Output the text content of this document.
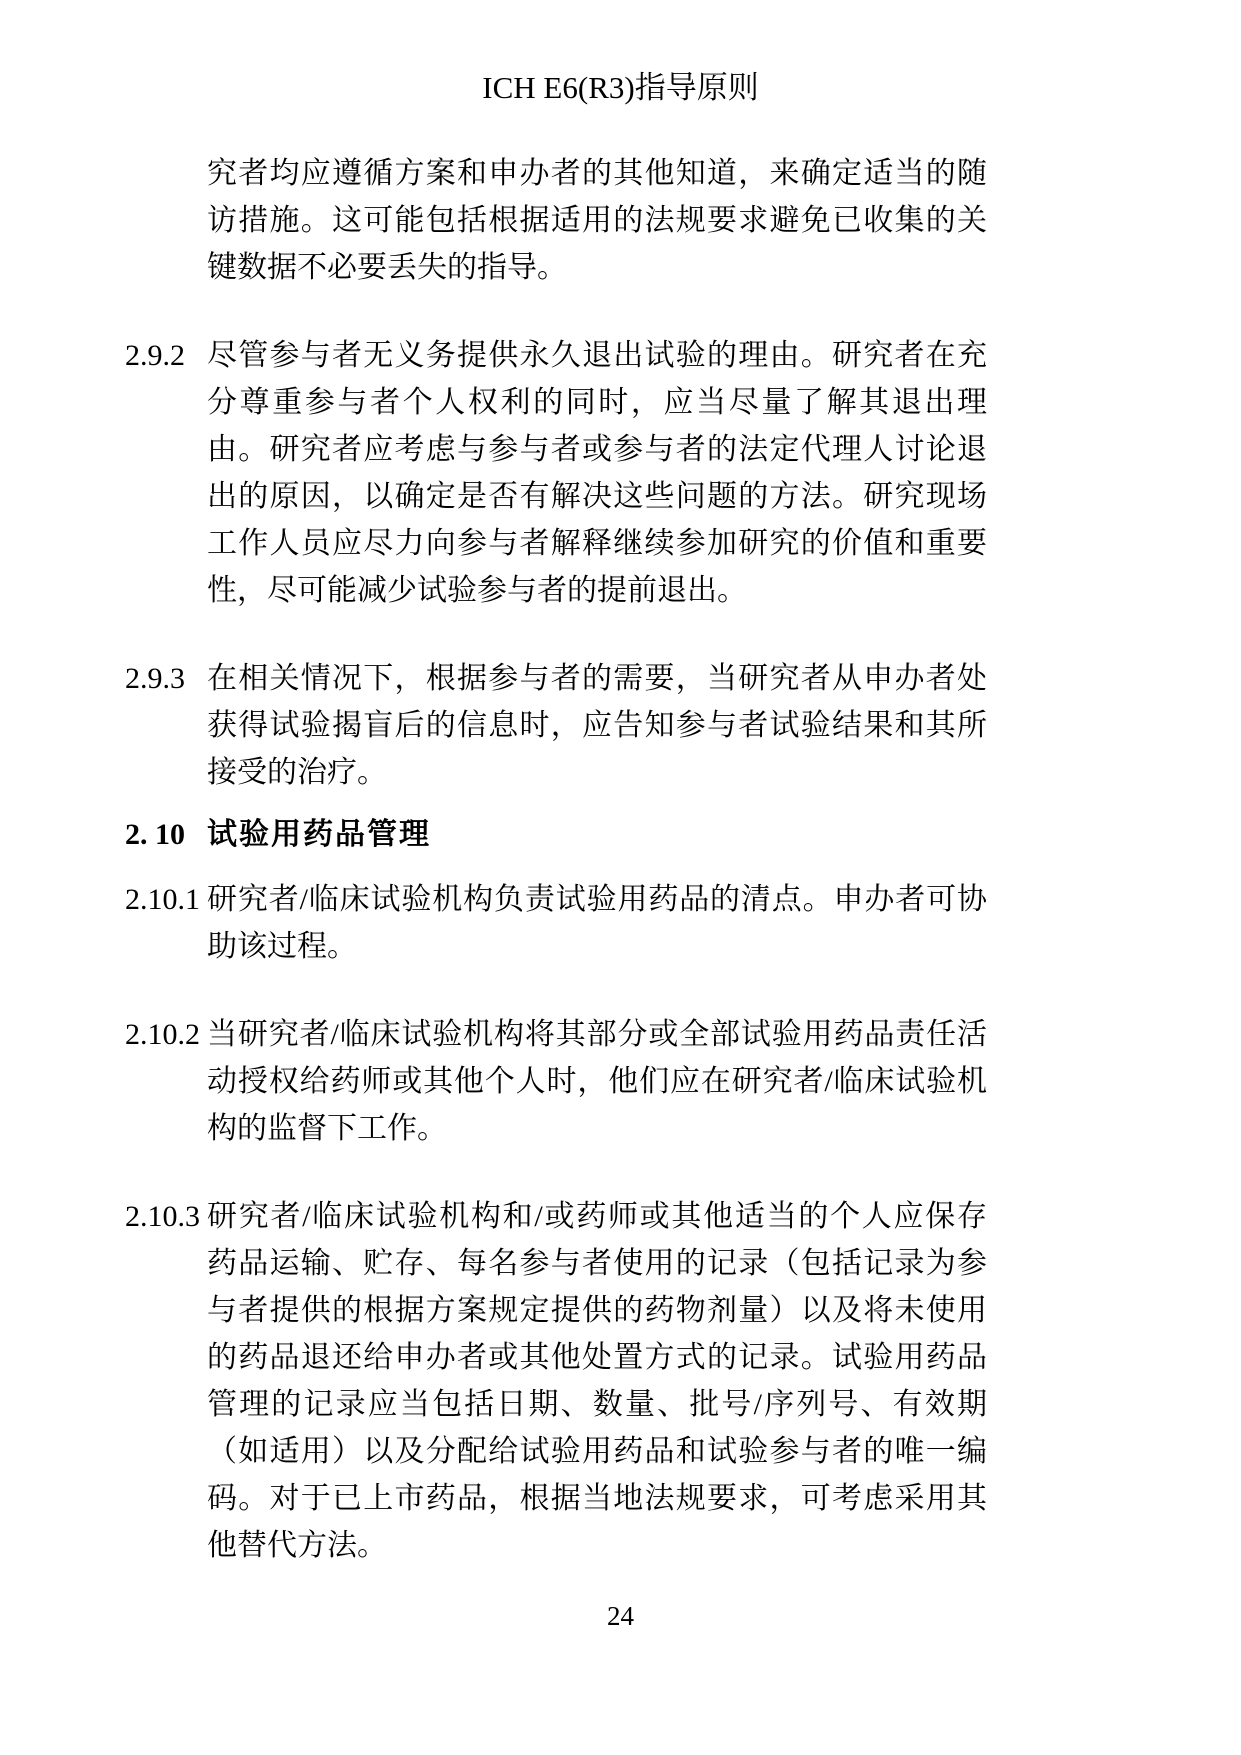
ICH E6(R3)指导原则
究者均应遵循方案和申办者的其他知道，来确定适当的随
访措施。这可能包括根据适用的法规要求避免已收集的关
键数据不必要丢失的指导。
2.9.2 尽管参与者无义务提供永久退出试验的理由。研究者在充
分尊重参与者个人权利的同时，应当尽量了解其退出理
由。研究者应考虑与参与者或参与者的法定代理人讨论退
出的原因，以确定是否有解决这些问题的方法。研究现场
工作人员应尽力向参与者解释继续参加研究的价值和重要
性，尽可能减少试验参与者的提前退出。
2.9.3 在相关情况下，根据参与者的需要，当研究者从申办者处
获得试验揭盲后的信息时，应告知参与者试验结果和其所
接受的治疗。
2. 10 试验用药品管理
2.10.1 研究者/临床试验机构负责试验用药品的清点。申办者可协
助该过程。
2.10.2 当研究者/临床试验机构将其部分或全部试验用药品责任活
动授权给药师或其他个人时，他们应在研究者/临床试验机
构的监督下工作。
2.10.3 研究者/临床试验机构和/或药师或其他适当的个人应保存
药品运输、贮存、每名参与者使用的记录（包括记录为参
与者提供的根据方案规定提供的药物剂量）以及将未使用
的药品退还给申办者或其他处置方式的记录。试验用药品
管理的记录应当包括日期、数量、批号/序列号、有效期
（如适用）以及分配给试验用药品和试验参与者的唯一编
码。对于已上市药品，根据当地法规要求，可考虑采用其
他替代方法。
24
